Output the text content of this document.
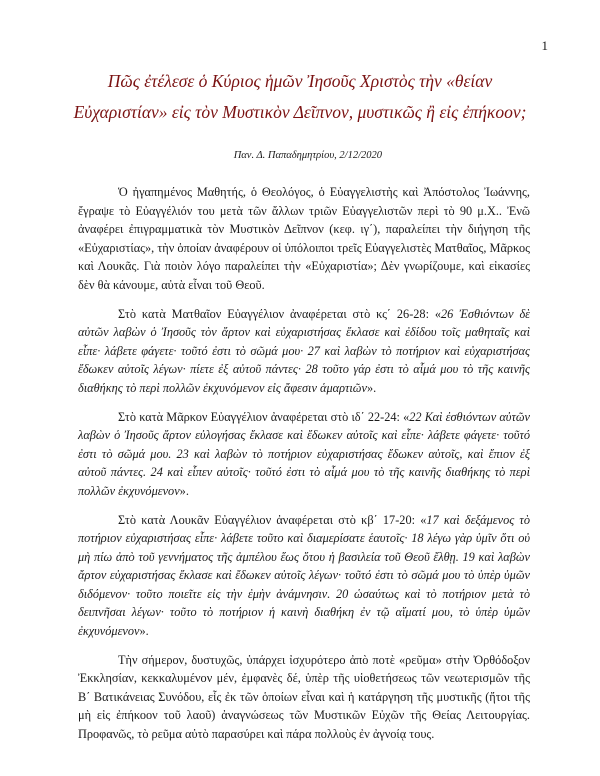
1
Πῶς ἐτέλεσε ὁ Κύριος ἡμῶν Ἰησοῦς Χριστὸς τὴν «θείαν
Εὐχαριστίαν» εἰς τὸν Μυστικὸν Δεῖπνον, μυστικῶς ἢ εἰς ἐπήκοον;
Παν. Δ. Παπαδημητρίου, 2/12/2020

Ὁ ἠγαπημένος Μαθητής, ὁ Θεολόγος, ὁ Εὐαγγελιστὴς καὶ Ἀπόστολος Ἰωάννης, ἔγραψε τὸ Εὐαγγέλιόν του μετὰ τῶν ἄλλων τριῶν Εὐαγγελιστῶν περὶ τὸ 90 μ.Χ.. Ἐνῶ ἀναφέρει ἐπιγραμματικὰ τὸν Μυστικὸν Δεῖπνον (κεφ. ιγ΄), παραλείπει τὴν διήγηση τῆς «Εὐχαριστίας», τὴν ὁποίαν ἀναφέρουν οἱ ὑπόλοιποι τρεῖς Εὐαγγελιστὲς Ματθαῖος, Μᾶρκος καὶ Λουκᾶς. Γιὰ ποιὸν λόγο παραλείπει τὴν «Εὐχαριστία»; Δὲν γνωρίζουμε, καὶ εἰκασίες δὲν θὰ κάνουμε, αὐτὰ εἶναι τοῦ Θεοῦ.

Στὸ κατὰ Ματθαῖον Εὐαγγέλιον ἀναφέρεται στὸ κς΄ 26-28: «26 Ἐσθιόντων δὲ αὐτῶν λαβὼν ὁ Ἰησοῦς τὸν ἄρτον καὶ εὐχαριστήσας ἔκλασε καὶ ἐδίδου τοῖς μαθηταῖς καὶ εἶπε· λάβετε φάγετε· τοῦτό ἐστι τὸ σῶμά μου· 27 καὶ λαβὼν τὸ ποτήριον καὶ εὐχαριστήσας ἔδωκεν αὐτοῖς λέγων· πίετε ἐξ αὐτοῦ πάντες· 28 τοῦτο γάρ ἐστι τὸ αἷμά μου τὸ τῆς καινῆς διαθήκης τὸ περὶ πολλῶν ἐκχυνόμενον εἰς ἄφεσιν ἁμαρτιῶν».

Στὸ κατὰ Μᾶρκον Εὐαγγέλιον ἀναφέρεται στὸ ιδ΄ 22-24: «22 Καὶ ἐσθιόντων αὐτῶν λαβὼν ὁ Ἰησοῦς ἄρτον εὐλογήσας ἔκλασε καὶ ἔδωκεν αὐτοῖς καὶ εἶπε· λάβετε φάγετε· τοῦτό ἐστι τὸ σῶμά μου. 23 καὶ λαβὼν τὸ ποτήριον εὐχαριστήσας ἔδωκεν αὐτοῖς, καὶ ἔπιον ἐξ αὐτοῦ πάντες. 24 καὶ εἶπεν αὐτοῖς· τοῦτό ἐστι τὸ αἷμά μου τὸ τῆς καινῆς διαθήκης τὸ περὶ πολλῶν ἐκχυνόμενον».

Στὸ κατὰ Λουκᾶν Εὐαγγέλιον ἀναφέρεται στὸ κβ΄ 17-20: «17 καὶ δεξάμενος τὸ ποτήριον εὐχαριστήσας εἶπε· λάβετε τοῦτο καὶ διαμερίσατε ἑαυτοῖς· 18 λέγω γὰρ ὑμῖν ὅτι οὐ μὴ πίω ἀπὸ τοῦ γεννήματος τῆς ἀμπέλου ἕως ὅτου ἡ βασιλεία τοῦ Θεοῦ ἔλθῃ. 19 καὶ λαβὼν ἄρτον εὐχαριστήσας ἔκλασε καὶ ἔδωκεν αὐτοῖς λέγων· τοῦτό ἐστι τὸ σῶμά μου τὸ ὑπὲρ ὑμῶν διδόμενον· τοῦτο ποιεῖτε εἰς τὴν ἐμὴν ἀνάμνησιν. 20 ὡσαύτως καὶ τὸ ποτήριον μετὰ τὸ δειπνῆσαι λέγων· τοῦτο τὸ ποτήριον ἡ καινὴ διαθήκη ἐν τῷ αἵματί μου, τὸ ὑπὲρ ὑμῶν ἐκχυνόμενον».

Τὴν σήμερον, δυστυχῶς, ὑπάρχει ἰσχυρότερο ἀπὸ ποτὲ «ρεῦμα» στὴν Ὀρθόδοξον Ἐκκλησίαν, κεκκαλυμένον μέν, ἐμφανὲς δέ, ὑπὲρ τῆς υἱοθετήσεως τῶν νεωτερισμῶν τῆς Β΄ Βατικάνειας Συνόδου, εἷς ἐκ τῶν ὁποίων εἶναι καὶ ἡ κατάργηση τῆς μυστικῆς (ἤτοι τῆς μὴ εἰς ἐπήκοον τοῦ λαοῦ) ἀναγνώσεως τῶν Μυστικῶν Εὐχῶν τῆς Θείας Λειτουργίας. Προφανῶς, τὸ ρεῦμα αὐτὸ παρασύρει καὶ πάρα πολλοὺς ἐν ἀγνοίᾳ τους.
